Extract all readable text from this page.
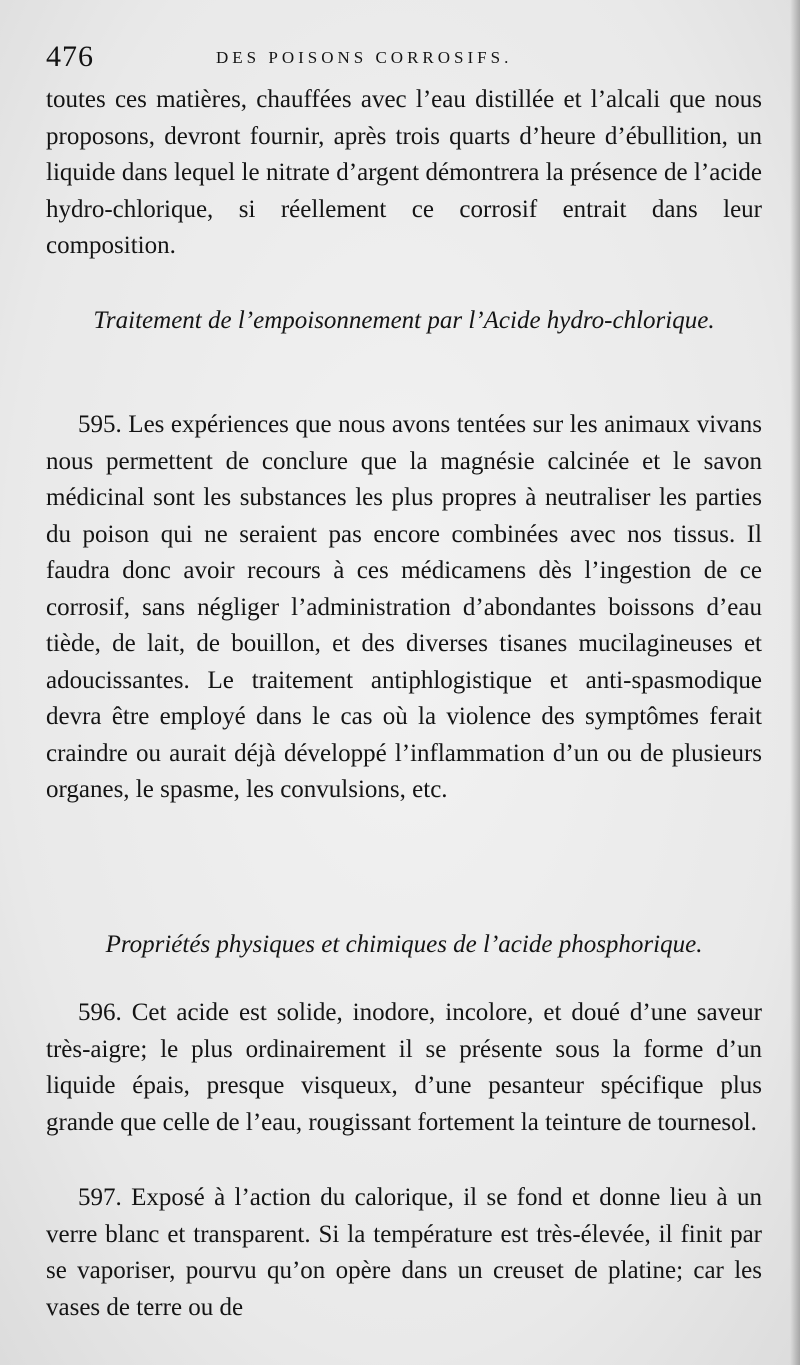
476	DES POISONS CORROSIFS.

toutes ces matières, chauffées avec l’eau distillée et l’alcali que nous proposons, devront fournir, après trois quarts d’heure d’ébullition, un liquide dans lequel le nitrate d’argent démontrera la présence de l’acide hydro-chlorique, si réellement ce corrosif entrait dans leur composition.

Traitement de l’empoisonnement par l’Acide hydro-chlorique.

595. Les expériences que nous avons tentées sur les animaux vivans nous permettent de conclure que la magnésie calcinée et le savon médicinal sont les substances les plus propres à neutraliser les parties du poison qui ne seraient pas encore combinées avec nos tissus. Il faudra donc avoir recours à ces médicamens dès l’ingestion de ce corrosif, sans négliger l’administration d’abondantes boissons d’eau tiède, de lait, de bouillon, et des diverses tisanes mucilagineuses et adoucissantes. Le traitement antiphlogistique et anti-spasmodique devra être employé dans le cas où la violence des symptômes ferait craindre ou aurait déjà développé l’inflammation d’un ou de plusieurs organes, le spasme, les convulsions, etc.

Propriétés physiques et chimiques de l’acide phosphorique.

596. Cet acide est solide, inodore, incolore, et doué d’une saveur très-aigre; le plus ordinairement il se présente sous la forme d’un liquide épais, presque visqueux, d’une pesanteur spécifique plus grande que celle de l’eau, rougissant fortement la teinture de tournesol.

597. Exposé à l’action du calorique, il se fond et donne lieu à un verre blanc et transparent. Si la température est très-élevée, il finit par se vaporiser, pourvu qu’on opère dans un creuset de platine; car les vases de terre ou de
